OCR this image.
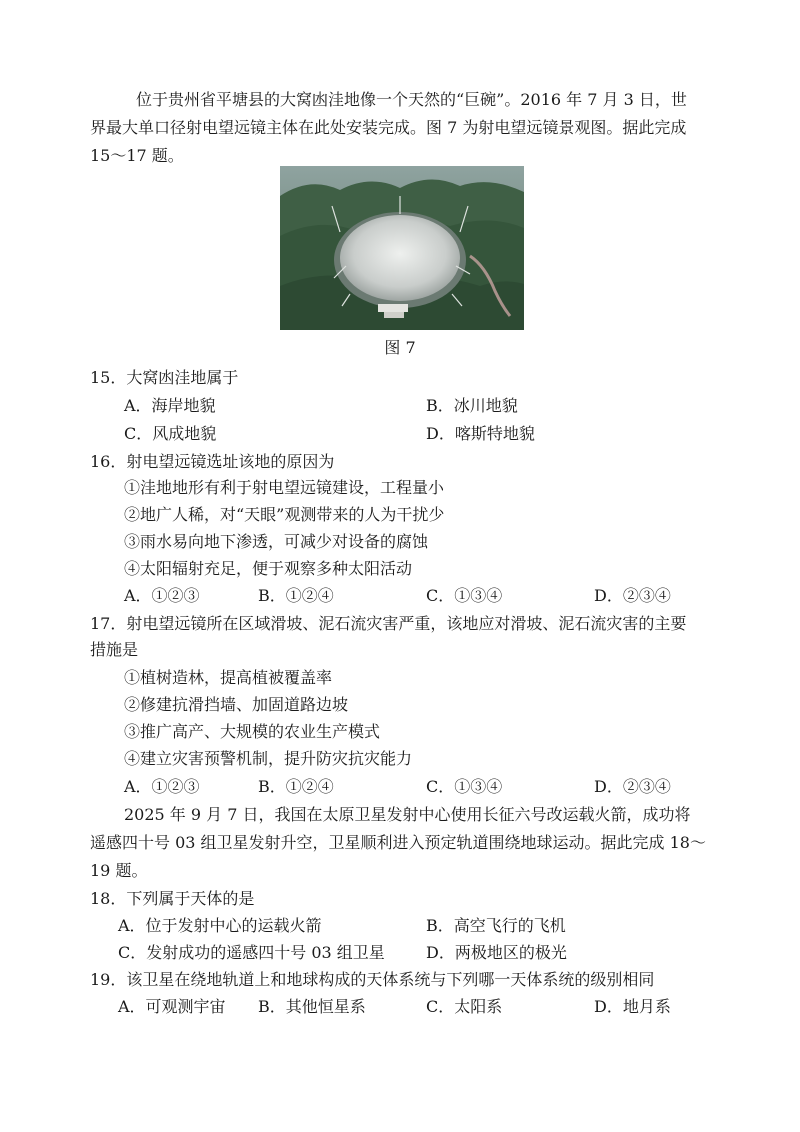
位于贵州省平塘县的大窝凼洼地像一个天然的“巨碗”。2016 年 7 月 3 日，世
界最大单口径射电望远镜主体在此处安装完成。图 7 为射电望远镜景观图。据此完成
15～17 题。
图 7
15．大窝凼洼地属于
A．海岸地貌	B．冰川地貌
C．风成地貌	D．喀斯特地貌
16．射电望远镜选址该地的原因为
①洼地地形有利于射电望远镜建设，工程量小
②地广人稀，对“天眼”观测带来的人为干扰少
③雨水易向地下渗透，可减少对设备的腐蚀
④太阳辐射充足，便于观察多种太阳活动
A．①②③	B．①②④	C．①③④	D．②③④
17．射电望远镜所在区域滑坡、泥石流灾害严重，该地应对滑坡、泥石流灾害的主要
措施是
①植树造林，提高植被覆盖率
②修建抗滑挡墙、加固道路边坡
③推广高产、大规模的农业生产模式
④建立灾害预警机制，提升防灾抗灾能力
A．①②③	B．①②④	C．①③④	D．②③④
2025 年 9 月 7 日，我国在太原卫星发射中心使用长征六号改运载火箭，成功将
遥感四十号 03 组卫星发射升空，卫星顺利进入预定轨道围绕地球运动。据此完成 18～
19 题。
18．下列属于天体的是
A．位于发射中心的运载火箭	B．高空飞行的飞机
C．发射成功的遥感四十号 03 组卫星	D．两极地区的极光
19．该卫星在绕地轨道上和地球构成的天体系统与下列哪一天体系统的级别相同
A．可观测宇宙 B．其他恒星系	C．太阳系	D．地月系
